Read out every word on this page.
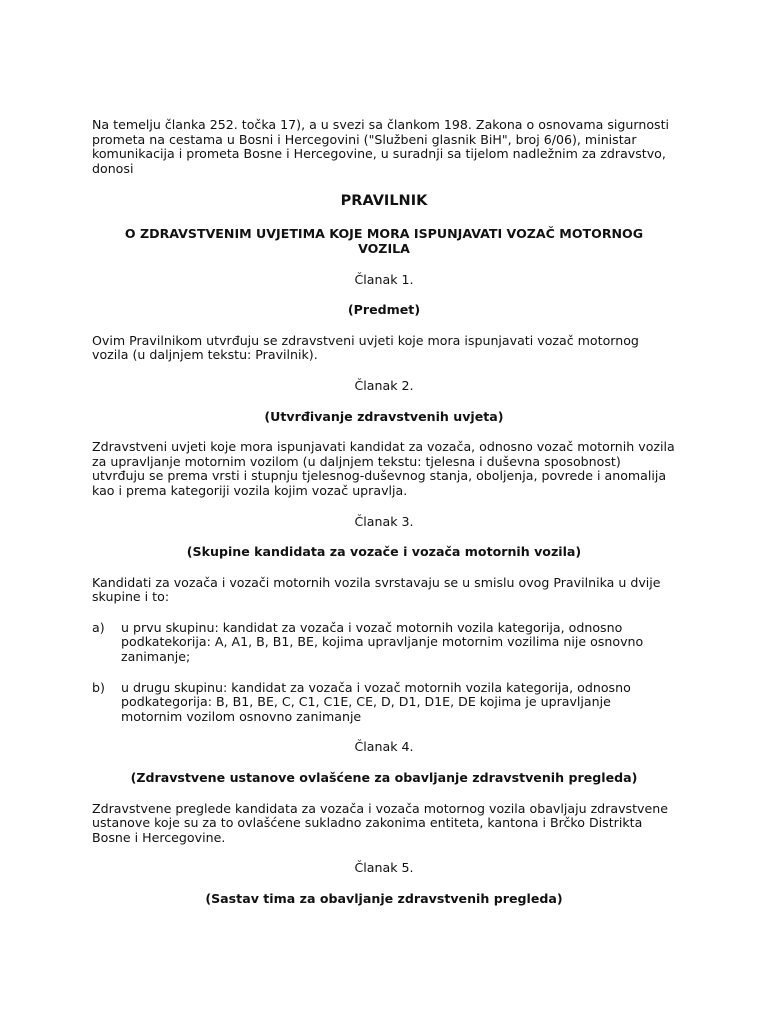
Na temelju članka 252. točka 17), a u svezi sa člankom 198. Zakona o osnovama sigurnosti prometa na cestama u Bosni i Hercegovini ("Službeni glasnik BiH", broj 6/06), ministar komunikacija i prometa Bosne i Hercegovine, u suradnji sa tijelom nadležnim za zdravstvo, donosi

PRAVILNIK

O ZDRAVSTVENIM UVJETIMA KOJE MORA ISPUNJAVATI VOZAČ MOTORNOG VOZILA

Članak 1.

(Predmet)

Ovim Pravilnikom utvrđuju se zdravstveni uvjeti koje mora ispunjavati vozač motornog vozila (u daljnjem tekstu: Pravilnik).

Članak 2.

(Utvrđivanje zdravstvenih uvjeta)

Zdravstveni uvjeti koje mora ispunjavati kandidat za vozača, odnosno vozač motornih vozila za upravljanje motornim vozilom (u daljnjem tekstu: tjelesna i duševna sposobnost) utvrđuju se prema vrsti i stupnju tjelesnog-duševnog stanja, oboljenja, povrede i anomalija kao i prema kategoriji vozila kojim vozač upravlja.

Članak 3.

(Skupine kandidata za vozače i vozača motornih vozila)

Kandidati za vozača i vozači motornih vozila svrstavaju se u smislu ovog Pravilnika u dvije skupine i to:

a)	u prvu skupinu: kandidat za vozača i vozač motornih vozila kategorija, odnosno podkatekorija: A, A1, B, B1, BE, kojima upravljanje motornim vozilima nije osnovno zanimanje;
b)	u drugu skupinu: kandidat za vozača i vozač motornih vozila kategorija, odnosno podkategorija: B, B1, BE, C, C1, C1E, CE, D, D1, D1E, DE kojima je upravljanje motornim vozilom osnovno zanimanje

Članak 4.

(Zdravstvene ustanove ovlašćene za obavljanje zdravstvenih pregleda)

Zdravstvene preglede kandidata za vozača i vozača motornog vozila obavljaju zdravstvene ustanove koje su za to ovlašćene sukladno zakonima entiteta, kantona i Brčko Distrikta Bosne i Hercegovine.

Članak 5.

(Sastav tima za obavljanje zdravstvenih pregleda)
